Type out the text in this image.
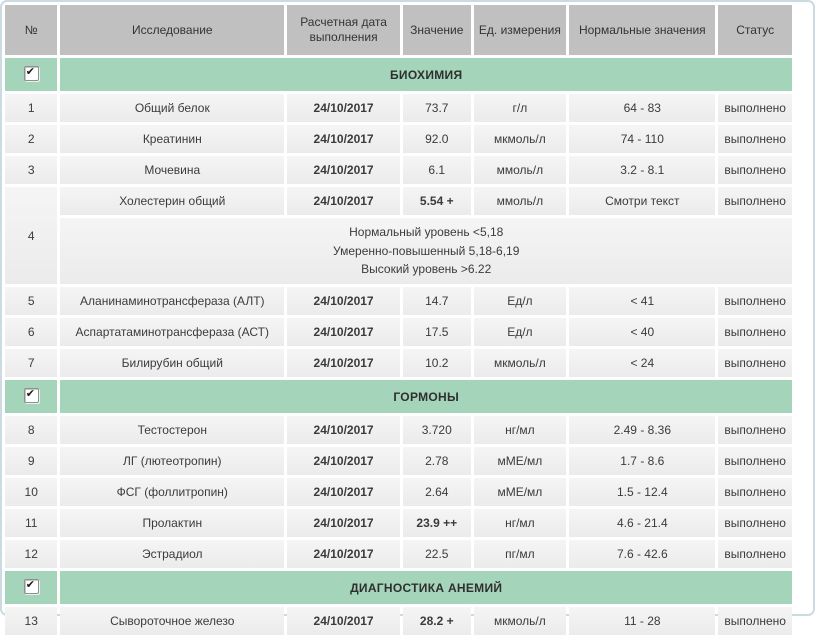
№	Исследование	Расчетная дата выполнения	Значение	Ед. измерения	Нормальные значения	Статус
✔	БИОХИМИЯ					
1	Общий белок	24/10/2017	73.7	г/л	64 - 83	выполнено
2	Креатинин	24/10/2017	92.0	мкмоль/л	74 - 110	выполнено
3	Мочевина	24/10/2017	6.1	ммоль/л	3.2 - 8.1	выполнено
4	Холестерин общий	24/10/2017	5.54 +	ммоль/л	Смотри текст	выполнено

	Нормальный уровень <5,18
Умеренно-повышенный 5,18-6,19
Высокий уровень >6.22					

5	Аланинаминотрансфераза (АЛТ)	24/10/2017	14.7	Ед/л	< 41	выполнено
6	Аспартатаминотрансфераза (АСТ)	24/10/2017	17.5	Ед/л	< 40	выполнено
7	Билирубин общий	24/10/2017	10.2	мкмоль/л	< 24	выполнено
✔	ГОРМОНЫ					
8	Тестостерон	24/10/2017	3.720	нг/мл	2.49 - 8.36	выполнено
9	ЛГ (лютеотропин)	24/10/2017	2.78	мМЕ/мл	1.7 - 8.6	выполнено
10	ФСГ (фоллитропин)	24/10/2017	2.64	мМЕ/мл	1.5 - 12.4	выполнено
11	Пролактин	24/10/2017	23.9 ++	нг/мл	4.6 - 21.4	выполнено
12	Эстрадиол	24/10/2017	22.5	пг/мл	7.6 - 42.6	выполнено
✔	ДИАГНОСТИКА АНЕМИЙ					
13	Сывороточное железо	24/10/2017	28.2 +	мкмоль/л	11 - 28	выполнено
